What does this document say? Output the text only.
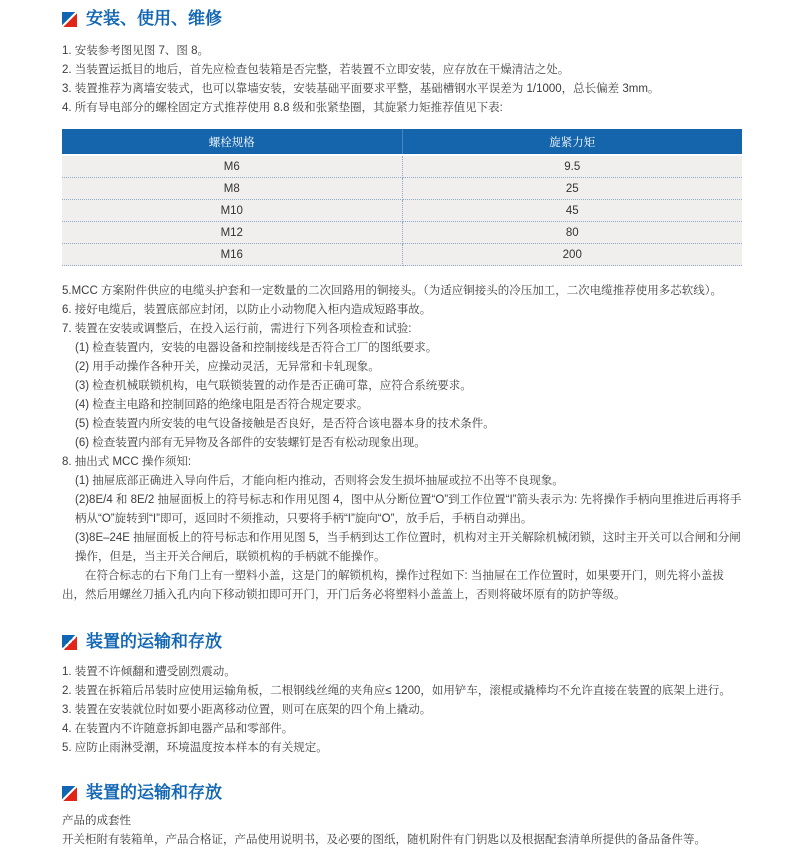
安装、使用、维修
1. 安装参考图见图 7、图 8。
2. 当装置运抵目的地后，首先应检查包装箱是否完整，若装置不立即安装，应存放在干燥清洁之处。
3. 装置推荐为离墙安装式，也可以靠墙安装，安装基础平面要求平整，基础槽钢水平误差为 1/1000，总长偏差 3mm。
4. 所有导电部分的螺栓固定方式推荐使用 8.8 级和张紧垫圈，其旋紧力矩推荐值见下表:
螺栓规格	旋紧力矩
M6	9.5
M8	25
M10	45
M12	80
M16	200
5.MCC 方案附件供应的电缆头护套和一定数量的二次回路用的铜接头。（为适应铜接头的冷压加工，二次电缆推荐使用多芯软线）。
6. 接好电缆后，装置底部应封闭，以防止小动物爬入柜内造成短路事故。
7. 装置在安装或调整后，在投入运行前，需进行下列各项检查和试验:
(1) 检查装置内，安装的电器设备和控制接线是否符合工厂的图纸要求。
(2) 用手动操作各种开关，应操动灵活，无异常和卡轧现象。
(3) 检查机械联锁机构，电气联锁装置的动作是否正确可靠，应符合系统要求。
(4) 检查主电路和控制回路的绝缘电阻是否符合规定要求。
(5) 检查装置内所安装的电气设备接触是否良好，是否符合该电器本身的技术条件。
(6) 检查装置内部有无异物及各部件的安装螺钉是否有松动现象出现。
8. 抽出式 MCC 操作须知:
(1) 抽屉底部正确进入导向件后，才能向柜内推动，否则将会发生损坏抽屉或拉不出等不良现象。
(2)8E/4 和 8E/2 抽屉面板上的符号标志和作用见图 4，图中从分断位置“O”到工作位置“I”箭头表示为: 先将操作手柄向里推进后再将手柄从“O”旋转到“I”即可，返回时不须推动，只要将手柄“I”旋向“O”，放手后，手柄自动弹出。
(3)8E–24E 抽屉面板上的符号标志和作用见图 5，当手柄到达工作位置时，机构对主开关解除机械闭锁，这时主开关可以合闸和分闸操作，但是，当主开关合闸后，联锁机构的手柄就不能操作。

在符合标志的右下角门上有一塑料小盖，这是门的解锁机构，操作过程如下: 当抽屉在工作位置时，如果要开门，则先将小盖拔出，然后用螺丝刀插入孔内向下移动锁扣即可开门，开门后务必将塑料小盖盖上，否则将破坏原有的防护等级。

装置的运输和存放
1. 装置不许倾翻和遭受剧烈震动。
2. 装置在拆箱后吊装时应使用运输角板，二根钢线丝绳的夹角应≤ 1200，如用铲车，滚棍或撬棒均不允许直接在装置的底架上进行。
3. 装置在安装就位时如要小距离移动位置，则可在底架的四个角上撬动。
4. 在装置内不许随意拆卸电器产品和零部件。
5. 应防止雨淋受潮，环境温度按本样本的有关规定。
装置的运输和存放
产品的成套性
开关柜附有装箱单，产品合格证，产品使用说明书，及必要的图纸，随机附件有门钥匙以及根据配套清单所提供的备品备件等。
